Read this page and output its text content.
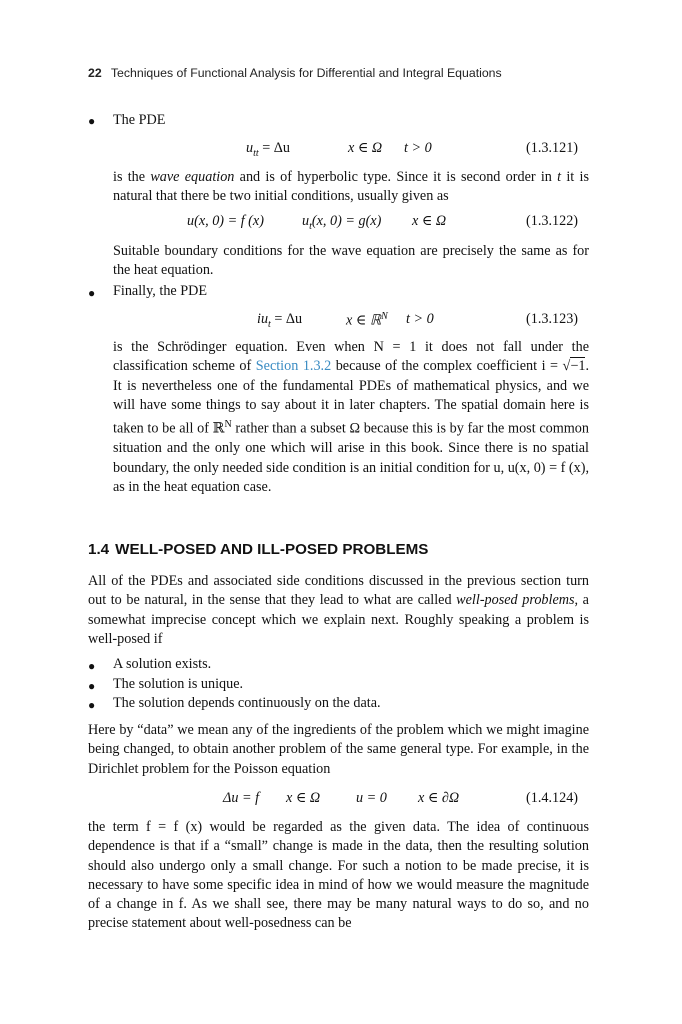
22 Techniques of Functional Analysis for Differential and Integral Equations
● The PDE
$u_{tt} = \Delta u$	x ∈ Ω t > 0	(1.3.121)
is the wave equation and is of hyperbolic type. Since it is second order in t it is natural that there be two initial conditions, usually given as
u(x, 0) = f (x)	$u_t(x$, 0) = g(x) x ∈ Ω	(1.3.122)
Suitable boundary conditions for the wave equation are precisely the same as for the heat equation.
● Finally, the PDE
$iu_t = \Delta u$	x ∈ ℝ$^N$ t > 0	(1.3.123)
is the Schrödinger equation. Even when N = 1 it does not fall under the classification scheme of Section 1.3.2 because of the complex coefficient i = √−1. It is nevertheless one of the fundamental PDEs of mathematical physics, and we will have some things to say about it in later chapters. The spatial domain here is taken to be all of ℝ$^N$ rather than a subset Ω because this is by far the most common situation and the only one which will arise in this book. Since there is no spatial boundary, the only needed side condition is an initial condition for u, u(x, 0) = f (x), as in the heat equation case.
1.4 WELL-POSED AND ILL-POSED PROBLEMS
All of the PDEs and associated side conditions discussed in the previous section turn out to be natural, in the sense that they lead to what are called well-posed problems, a somewhat imprecise concept which we explain next. Roughly speaking a problem is well-posed if
● A solution exists.
● The solution is unique.
● The solution depends continuously on the data.
Here by “data” we mean any of the ingredients of the problem which we might imagine being changed, to obtain another problem of the same general type. For example, in the Dirichlet problem for the Poisson equation
Δu = f x ∈ Ω	u = 0 x ∈ ∂Ω	(1.4.124)
the term f = f (x) would be regarded as the given data. The idea of continuous dependence is that if a “small” change is made in the data, then the resulting solution should also undergo only a small change. For such a notion to be made precise, it is necessary to have some specific idea in mind of how we would measure the magnitude of a change in f. As we shall see, there may be many natural ways to do so, and no precise statement about well-posedness can be
